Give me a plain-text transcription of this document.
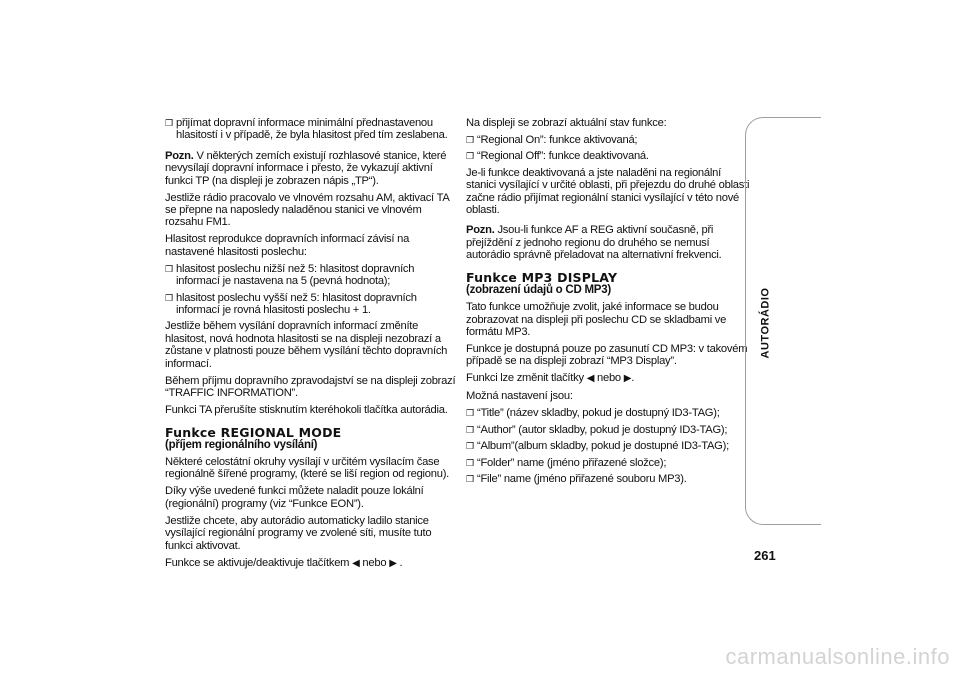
❒ přijímat dopravní informace minimální přednastavenou hlasitostí i v případě, že byla hlasitost před tím zeslabena.

Pozn. V některých zemích existují rozhlasové stanice, které nevysílají dopravní informace i přesto, že vykazují aktivní funkci TP (na displeji je zobrazen nápis „TP“).

Jestliže rádio pracovalo ve vlnovém rozsahu AM, aktivací TA se přepne na naposledy naladěnou stanici ve vlnovém rozsahu FM1.

Hlasitost reprodukce dopravních informací závisí na nastavené hlasitosti poslechu:

❒ hlasitost poslechu nižší než 5: hlasitost dopravních informací je nastavena na 5 (pevná hodnota);
❒ hlasitost poslechu vyšší než 5: hlasitost dopravních informací je rovná hlasitosti poslechu + 1.

Jestliže během vysílání dopravních informací změníte hlasitost, nová hodnota hlasitosti se na displeji nezobrazí a zůstane v platnosti pouze během vysílání těchto dopravních informací.

Během příjmu dopravního zpravodajství se na displeji zobrazí “TRAFFIC INFORMATION”.

Funkci TA přerušíte stisknutím kteréhokoli tlačítka autorádia.

Funkce REGIONAL MODE
(příjem regionálního vysílání)

Některé celostátní okruhy vysílají v určitém vysílacím čase regionálně šířené programy, (které se liší region od regionu).

Díky výše uvedené funkci můžete naladit pouze lokální (regionální) programy (viz “Funkce EON”).

Jestliže chcete, aby autorádio automaticky ladilo stanice vysílající regionální programy ve zvolené síti, musíte tuto funkci aktivovat.

Funkce se aktivuje/deaktivuje tlačítkem ◀ nebo ▶ .

Na displeji se zobrazí aktuální stav funkce:

❒ “Regional On”: funkce aktivovaná;
❒ “Regional Off”: funkce deaktivovaná.

Je-li funkce deaktivovaná a jste naladěni na regionální stanici vysílající v určité oblasti, při přejezdu do druhé oblasti začne rádio přijímat regionální stanici vysílající v této nové oblasti.

Pozn. Jsou-li funkce AF a REG aktivní současně, při přejíždění z jednoho regionu do druhého se nemusí autorádio správně přeladovat na alternativní frekvenci.

Funkce MP3 DISPLAY
(zobrazení údajů o CD MP3)

Tato funkce umožňuje zvolit, jaké informace se budou zobrazovat na displeji při poslechu CD se skladbami ve formátu MP3.

Funkce je dostupná pouze po zasunutí CD MP3: v takovém případě se na displeji zobrazí “MP3 Display”.

Funkci lze změnit tlačítky ◀ nebo ▶.

Možná nastavení jsou:

❒ “Title” (název skladby, pokud je dostupný ID3-TAG);
❒ “Author” (autor skladby, pokud je dostupný ID3-TAG);
❒ “Album”(album skladby, pokud je dostupné ID3-TAG);
❒ “Folder” name (jméno přiřazené složce);
❒ “File” name (jméno přiřazené souboru MP3).
AUTORÁDIO
261
carmanualsonline.info
